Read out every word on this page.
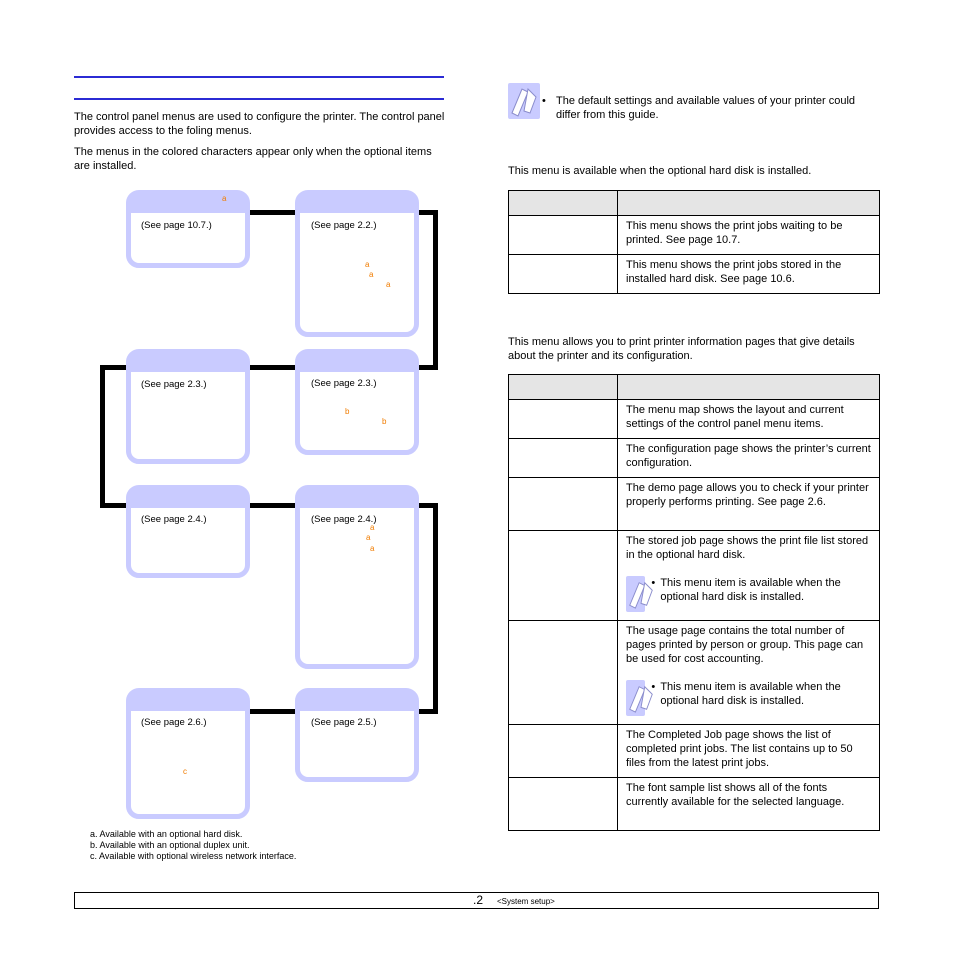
The control panel menus are used to configure the printer. The control panel provides access to the foling menus.
The menus in the colored characters appear only when the optional items are installed.
(See page 10.7.)
a
(See page 2.2.)
a
a
a
(See page 2.3.)	(See page 2.3.)
b
b
(See page 2.4.)	(See page 2.4.)
a
a
a
(See page 2.6.)
c
(See page 2.5.)
a. Available with an optional hard disk.
b. Available with an optional duplex unit.
c. Available with optional wireless network interface.
• The default settings and available values of your printer could differ from this guide.
This menu is available when the optional hard disk is installed.

	This menu shows the print jobs waiting to be printed. See page 10.7.
	This menu shows the print jobs stored in the installed hard disk. See page 10.6.
This menu allows you to print printer information pages that give details about the printer and its configuration.

	The menu map shows the layout and current settings of the control panel menu items.
	The configuration page shows the printer’s current configuration.
	The demo page allows you to check if your printer properly performs printing. See page 2.6.

	The stored job page shows the print file list stored in the optional hard disk.
• This menu item is available when the optional hard disk is installed.

	The usage page contains the total number of pages printed by person or group. This page can be used for cost accounting.
• This menu item is available when the optional hard disk is installed.

	The Completed Job page shows the list of completed print jobs. The list contains up to 50 files from the latest print jobs.
	The font sample list shows all of the fonts currently available for the selected language.
.2 <System setup>
